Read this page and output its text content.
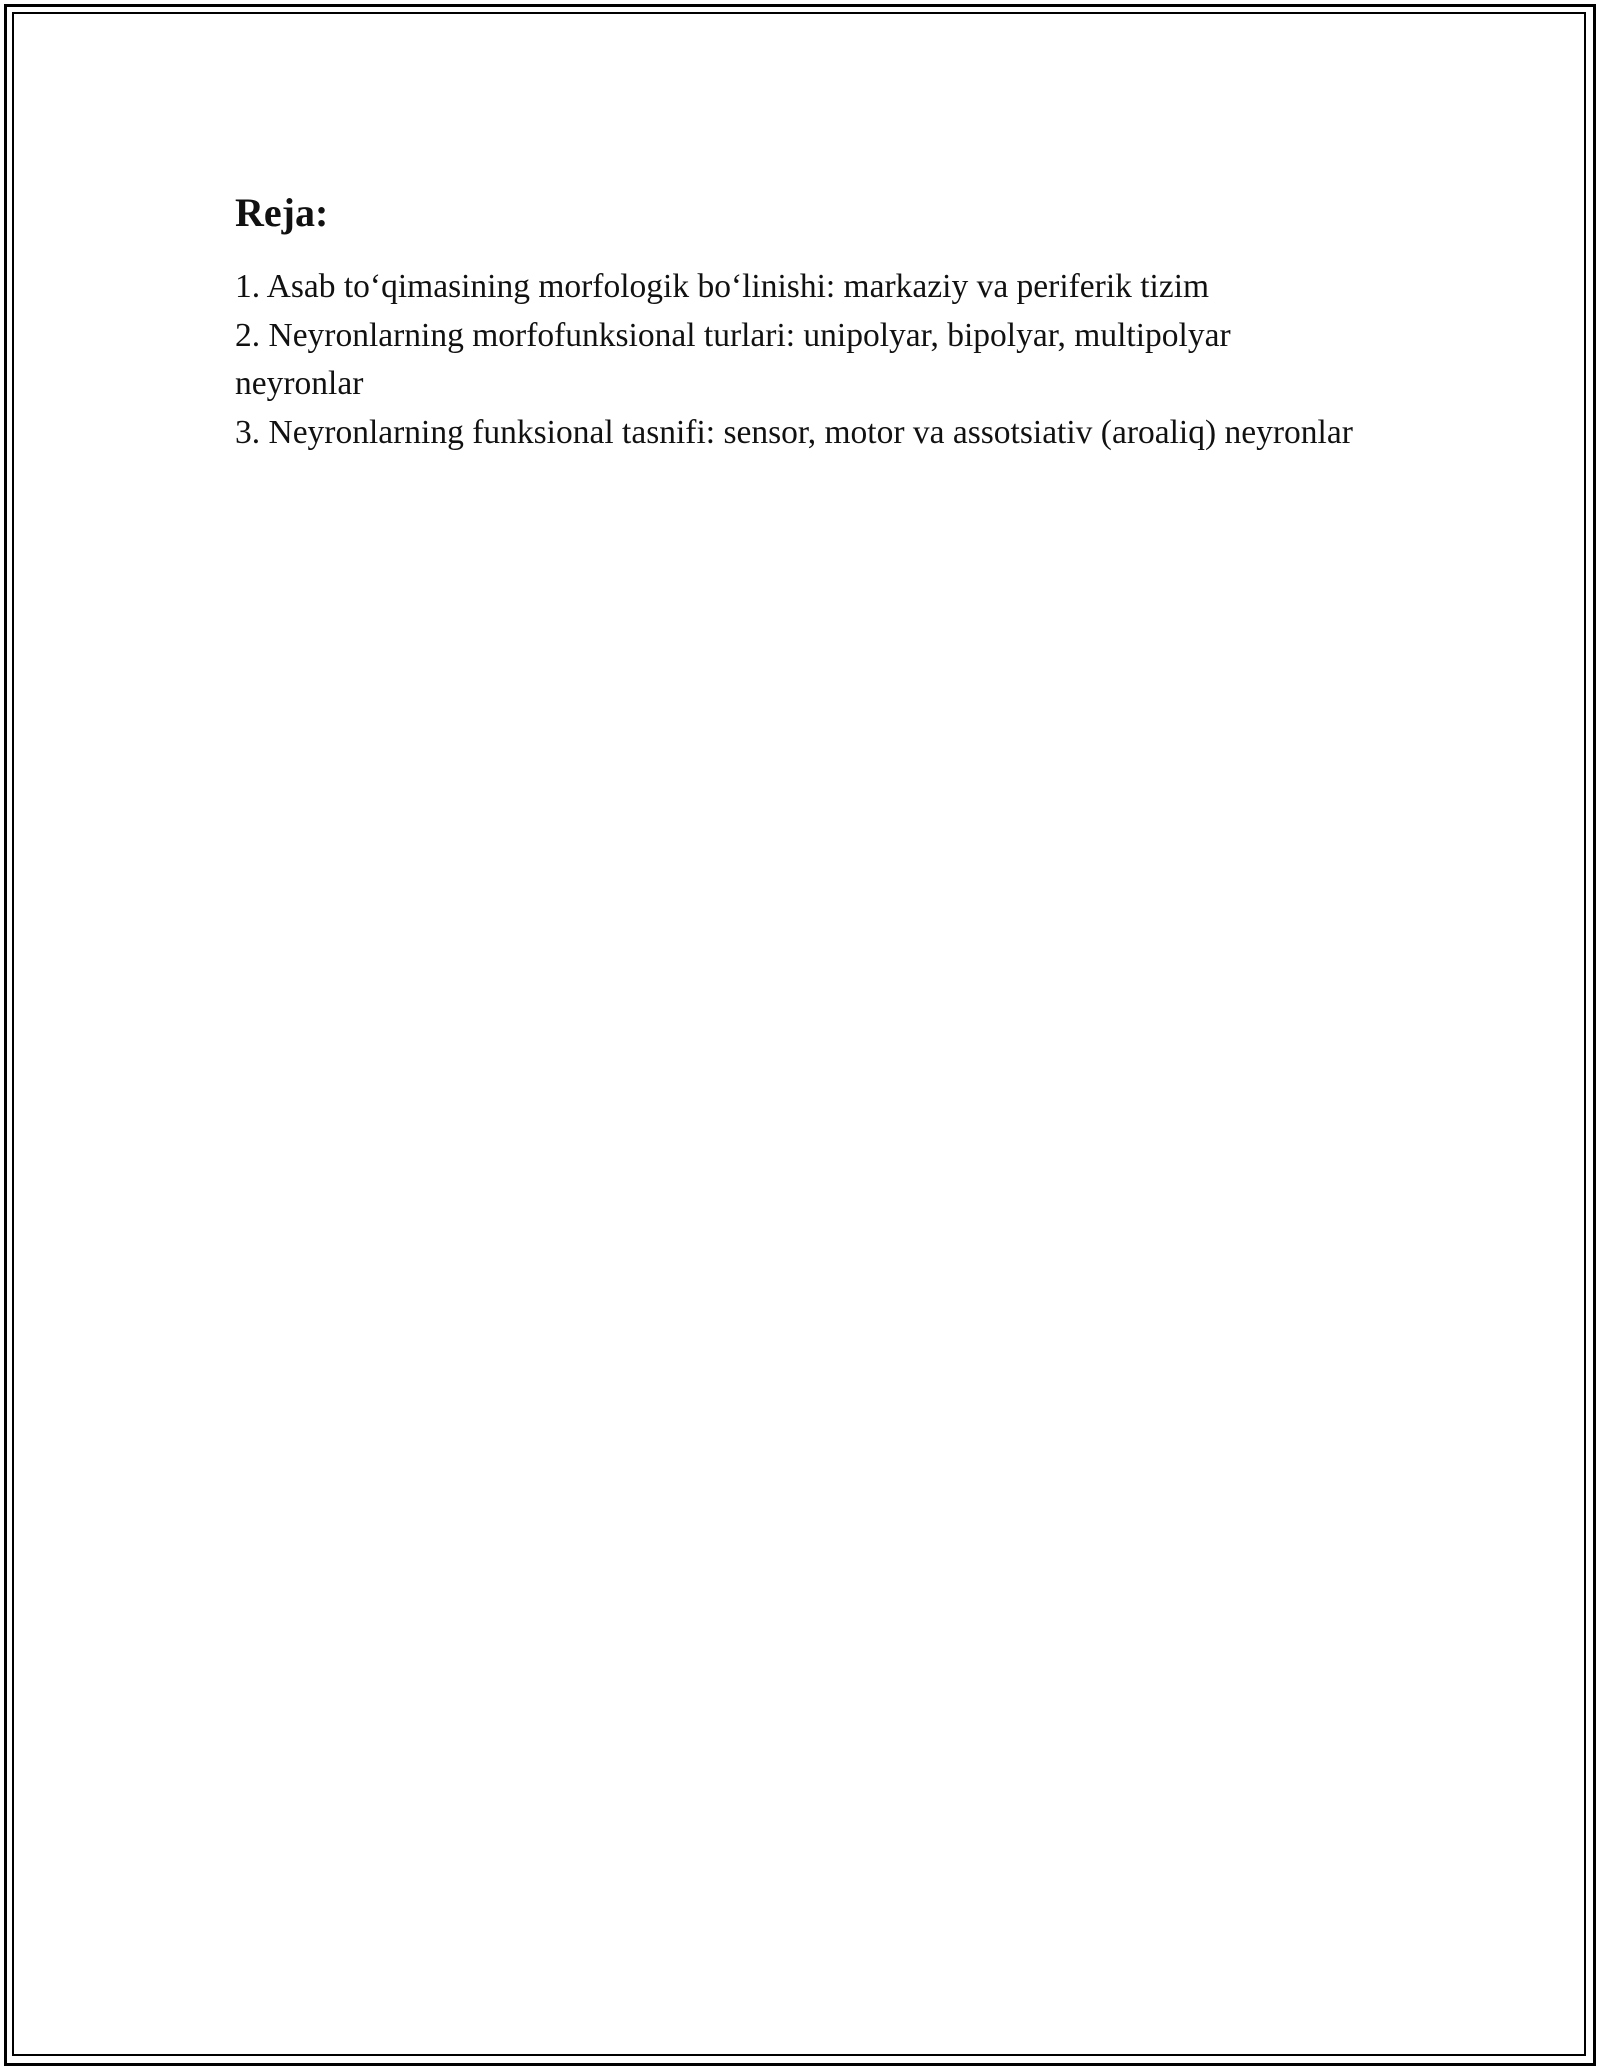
Reja:
1. Asab to‘qimasining morfologik bo‘linishi: markaziy va periferik tizim
2. Neyronlarning morfofunksional turlari: unipolyar, bipolyar, multipolyar neyronlar
3. Neyronlarning funksional tasnifi: sensor, motor va assotsiativ (aroaliq) neyronlar
